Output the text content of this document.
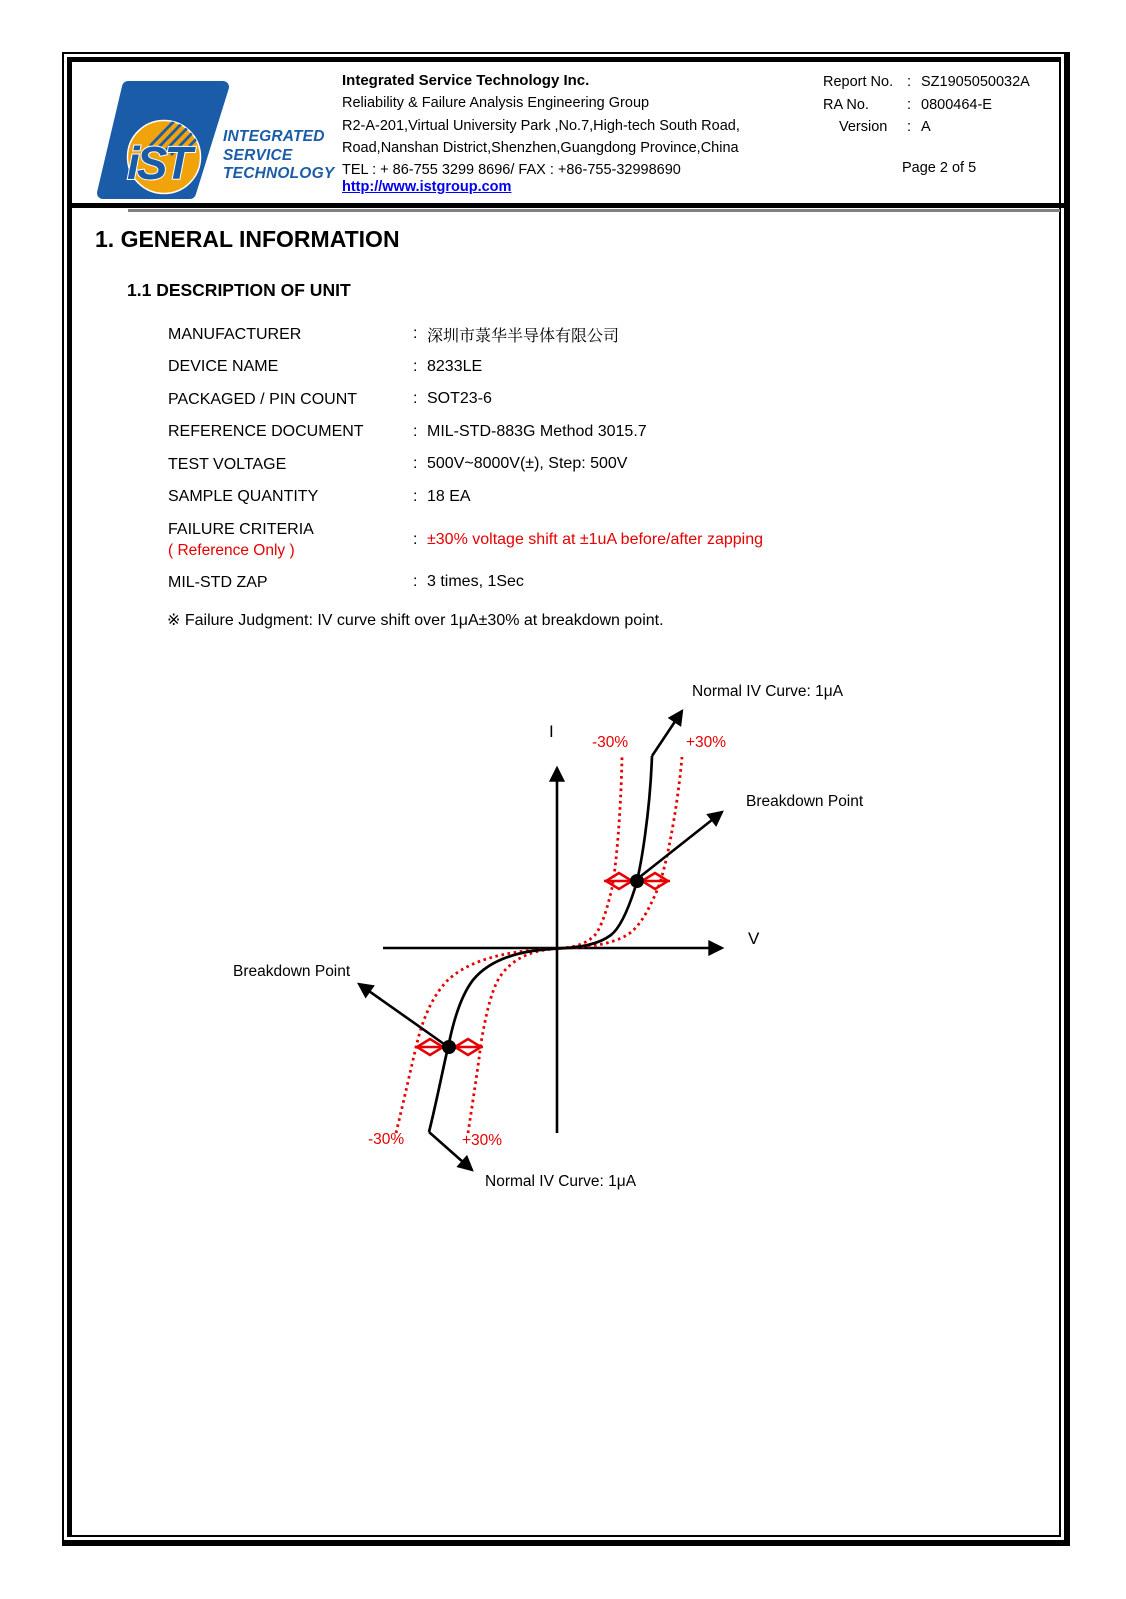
iST
INTEGRATED
SERVICE
TECHNOLOGY
Integrated Service Technology Inc.
Reliability & Failure Analysis Engineering Group
R2-A-201,Virtual University Park ,No.7,High-tech South Road,
Road,Nanshan District,Shenzhen,Guangdong Province,China
TEL : + 86-755 3299 8696/ FAX : +86-755-32998690
http://www.istgroup.com
Report No. : SZ1905050032A
RA No.	: 0800464-E
Version	: A
Page 2 of 5
1. GENERAL INFORMATION
1.1 DESCRIPTION OF UNIT
MANUFACTURER	: 深圳市菉华半导体有限公司
DEVICE NAME	: 8233LE
PACKAGED / PIN COUNT	: SOT23-6
REFERENCE DOCUMENT	: MIL-STD-883G Method 3015.7
TEST VOLTAGE	: 500V~8000V(±), Step: 500V
SAMPLE QUANTITY	: 18 EA
FAILURE CRITERIA
( Reference Only )
: ±30% voltage shift at ±1uA before/after zapping
MIL-STD ZAP	: 3 times, 1Sec
※ Failure Judgment: IV curve shift over 1μA±30% at breakdown point.
I
V
Normal IV Curve: 1μA
-30%	+30%
Breakdown Point
Breakdown Point
-30%	+30%
Normal IV Curve: 1μA
